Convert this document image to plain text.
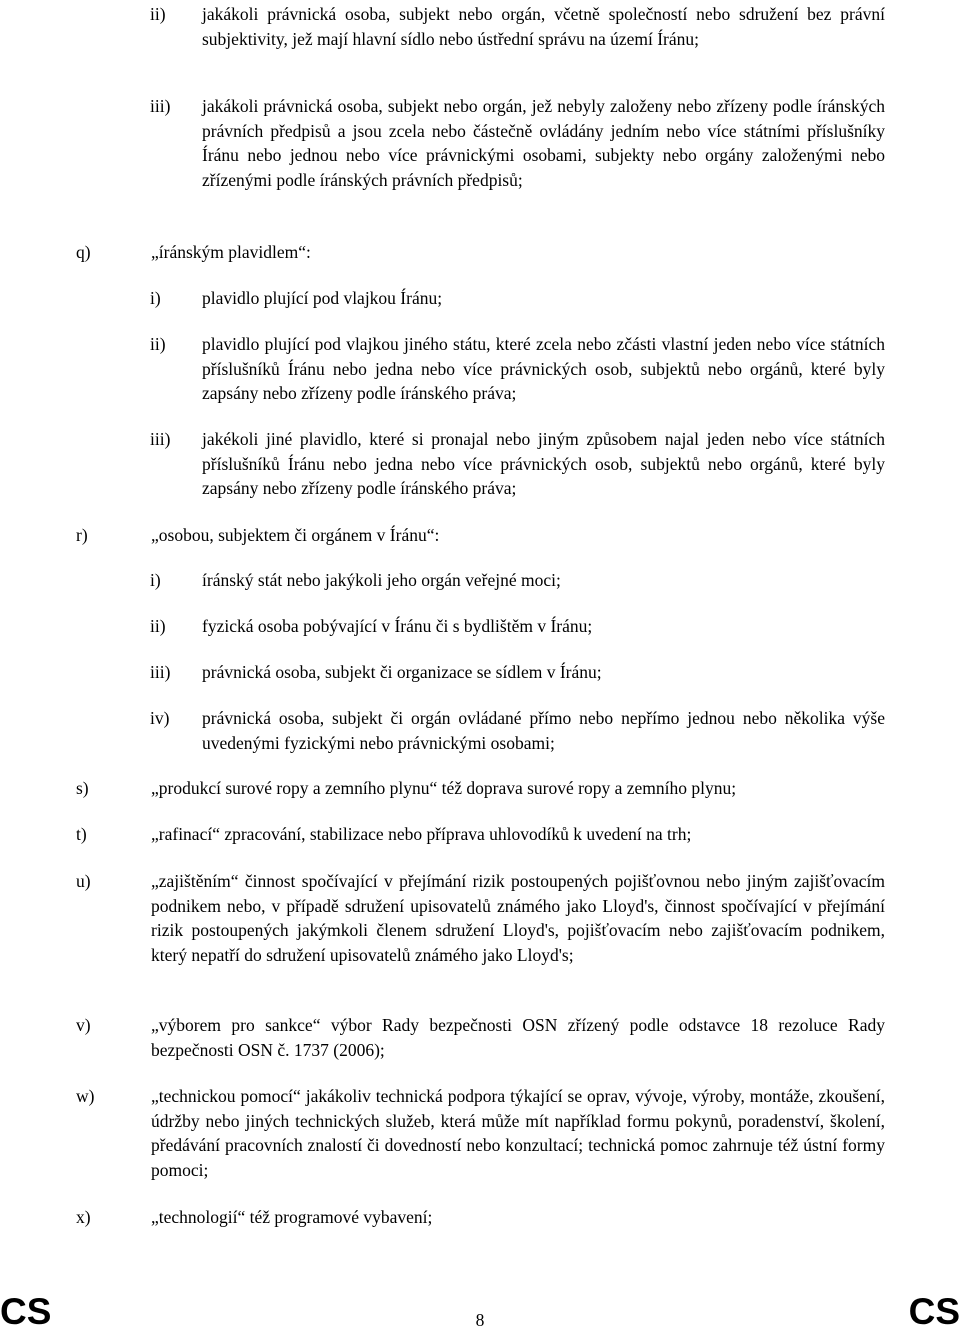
ii) jakákoli právnická osoba, subjekt nebo orgán, včetně společností nebo sdružení bez právní subjektivity, jež mají hlavní sídlo nebo ústřední správu na území Íránu;
iii) jakákoli právnická osoba, subjekt nebo orgán, jež nebyly založeny nebo zřízeny podle íránských právních předpisů a jsou zcela nebo částečně ovládány jedním nebo více státními příslušníky Íránu nebo jednou nebo více právnickými osobami, subjekty nebo orgány založenými nebo zřízenými podle íránských právních předpisů;
q)	„íránským plavidlem“:
i) plavidlo plující pod vlajkou Íránu;
ii) plavidlo plující pod vlajkou jiného státu, které zcela nebo zčásti vlastní jeden nebo více státních příslušníků Íránu nebo jedna nebo více právnických osob, subjektů nebo orgánů, které byly zapsány nebo zřízeny podle íránského práva;
iii) jakékoli jiné plavidlo, které si pronajal nebo jiným způsobem najal jeden nebo více státních příslušníků Íránu nebo jedna nebo více právnických osob, subjektů nebo orgánů, které byly zapsány nebo zřízeny podle íránského práva;
r)	„osobou, subjektem či orgánem v Íránu“:
i) íránský stát nebo jakýkoli jeho orgán veřejné moci;
ii) fyzická osoba pobývající v Íránu či s bydlištěm v Íránu;
iii) právnická osoba, subjekt či organizace se sídlem v Íránu;
iv) právnická osoba, subjekt či orgán ovládané přímo nebo nepřímo jednou nebo několika výše uvedenými fyzickými nebo právnickými osobami;
s)	„produkcí surové ropy a zemního plynu“ též doprava surové ropy a zemního plynu;
t)	„rafinací“ zpracování, stabilizace nebo příprava uhlovodíků k uvedení na trh;
u)	„zajištěním“ činnost spočívající v přejímání rizik postoupených pojišťovnou nebo jiným zajišťovacím podnikem nebo, v případě sdružení upisovatelů známého jako Lloyd's, činnost spočívající v přejímání rizik postoupených jakýmkoli členem sdružení Lloyd's, pojišťovacím nebo zajišťovacím podnikem, který nepatří do sdružení upisovatelů známého jako Lloyd's;
v)	„výborem pro sankce“ výbor Rady bezpečnosti OSN zřízený podle odstavce 18 rezoluce Rady bezpečnosti OSN č. 1737 (2006);
w)	„technickou pomocí“ jakákoliv technická podpora týkající se oprav, vývoje, výroby, montáže, zkoušení, údržby nebo jiných technických služeb, která může mít například formu pokynů, poradenství, školení, předávání pracovních znalostí či dovedností nebo konzultací; technická pomoc zahrnuje též ústní formy pomoci;
x)	„technologií“ též programové vybavení;
8
CS	CS
